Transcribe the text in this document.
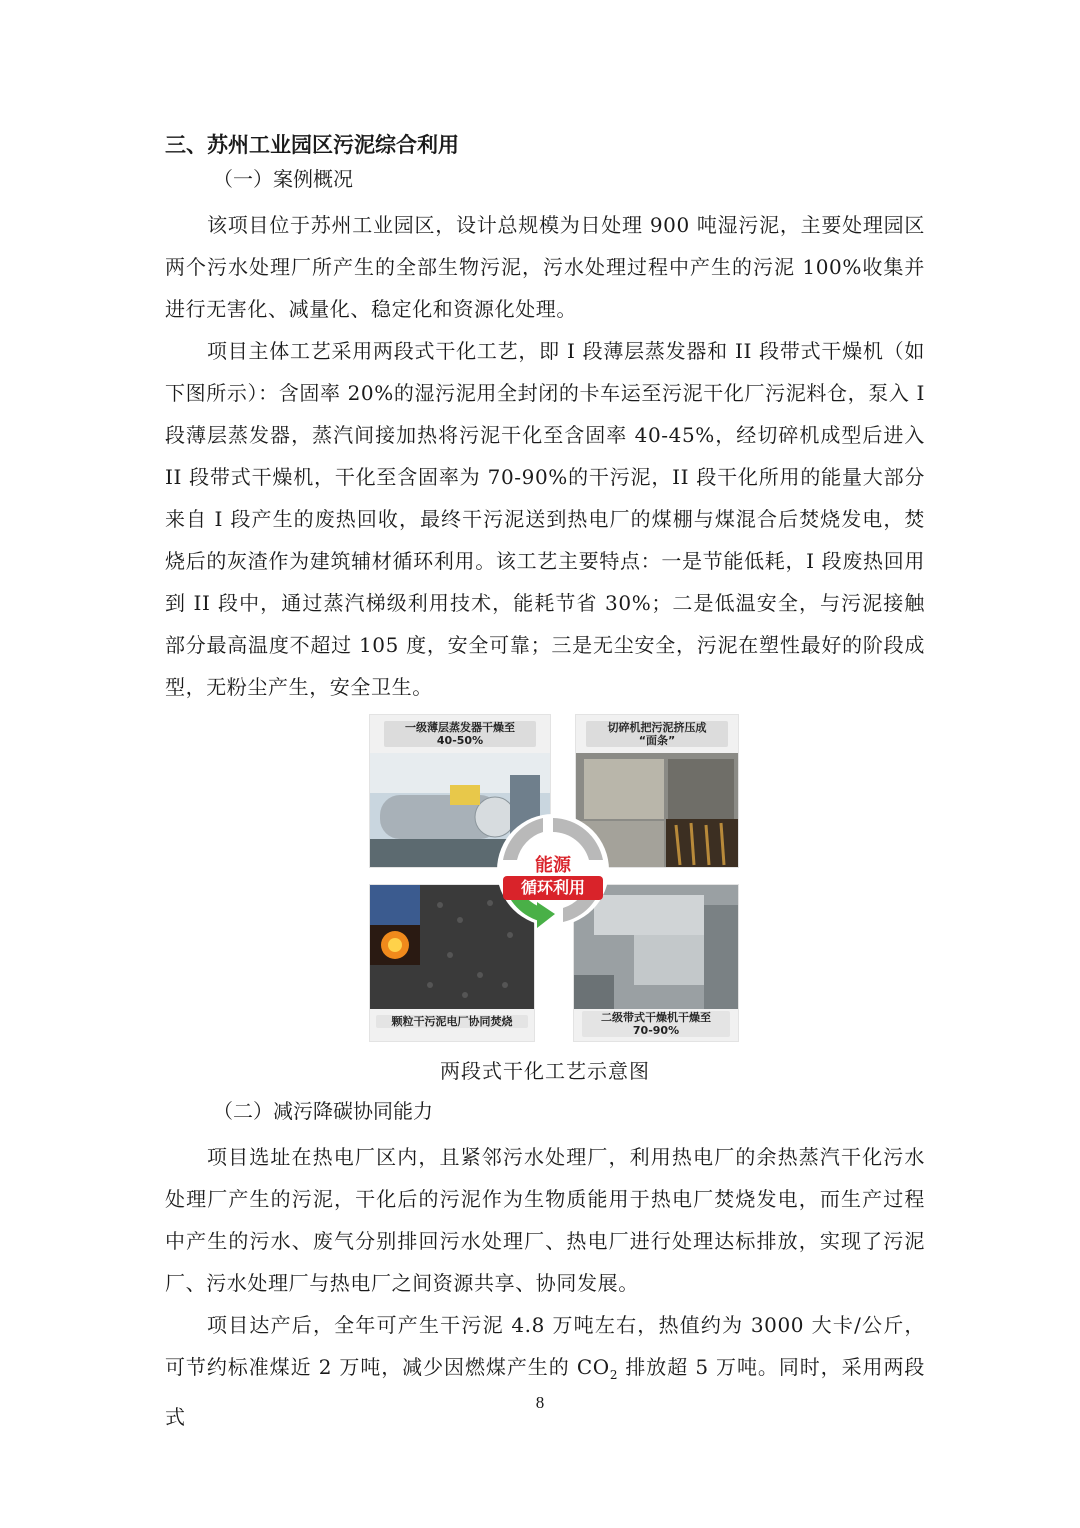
三、苏州工业园区污泥综合利用
（一）案例概况

该项目位于苏州工业园区，设计总规模为日处理 900 吨湿污泥，主要处理园区两个污水处理厂所产生的全部生物污泥，污水处理过程中产生的污泥 100%收集并进行无害化、减量化、稳定化和资源化处理。

项目主体工艺采用两段式干化工艺，即 I 段薄层蒸发器和 II 段带式干燥机（如下图所示）：含固率 20%的湿污泥用全封闭的卡车运至污泥干化厂污泥料仓，泵入 I 段薄层蒸发器，蒸汽间接加热将污泥干化至含固率 40-45%，经切碎机成型后进入 II 段带式干燥机，干化至含固率为 70-90%的干污泥，II 段干化所用的能量大部分来自 I 段产生的废热回收，最终干污泥送到热电厂的煤棚与煤混合后焚烧发电，焚烧后的灰渣作为建筑辅材循环利用。该工艺主要特点：一是节能低耗，I 段废热回用到 II 段中，通过蒸汽梯级利用技术，能耗节省 30%；二是低温安全，与污泥接触部分最高温度不超过 105 度，安全可靠；三是无尘安全，污泥在塑性最好的阶段成型，无粉尘产生，安全卫生。

一级薄层蒸发器干燥至
40-50%
切碎机把污泥挤压成
“面条”
颗粒干污泥电厂协同焚烧	二级带式干燥机干燥至
70-90%
能源
循环利用
两段式干化工艺示意图
（二）减污降碳协同能力

项目选址在热电厂区内，且紧邻污水处理厂，利用热电厂的余热蒸汽干化污水处理厂产生的污泥，干化后的污泥作为生物质能用于热电厂焚烧发电，而生产过程中产生的污水、废气分别排回污水处理厂、热电厂进行处理达标排放，实现了污泥厂、污水处理厂与热电厂之间资源共享、协同发展。

项目达产后，全年可产生干污泥 4.8 万吨左右，热值约为 3000 大卡/公斤，可节约标准煤近 2 万吨，减少因燃煤产生的 $CO_2$ 排放超 5 万吨。同时，采用两段式

8
